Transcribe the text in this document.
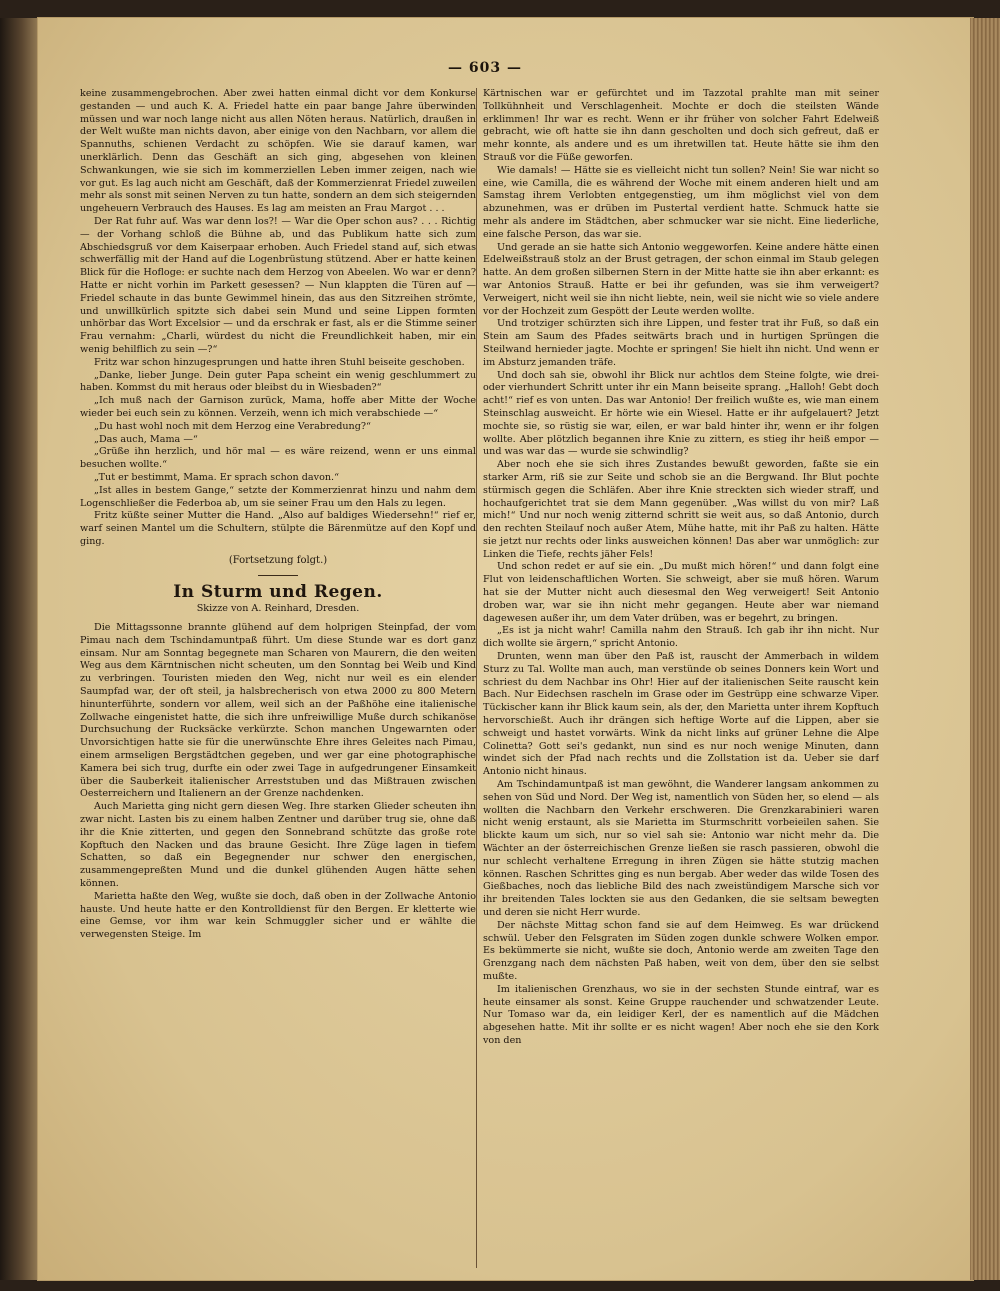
— 603 —

keine zusammengebrochen. Aber zwei hatten einmal dicht vor dem Konkurse gestanden — und auch K. A. Friedel hatte ein paar bange Jahre überwinden müssen und war noch lange nicht aus allen Nöten heraus. Natürlich, draußen in der Welt wußte man nichts davon, aber einige von den Nachbarn, vor allem die Spannuths, schienen Verdacht zu schöpfen. Wie sie darauf kamen, war unerklärlich. Denn das Geschäft an sich ging, abgesehen von kleinen Schwankungen, wie sie sich im kommerziellen Leben immer zeigen, nach wie vor gut. Es lag auch nicht am Geschäft, daß der Kommerzienrat Friedel zuweilen mehr als sonst mit seinen Nerven zu tun hatte, sondern an dem sich steigernden ungeheuern Verbrauch des Hauses. Es lag am meisten an Frau Margot . . .

Der Rat fuhr auf. Was war denn los?! — War die Oper schon aus? . . . Richtig — der Vorhang schloß die Bühne ab, und das Publikum hatte sich zum Abschiedsgruß vor dem Kaiserpaar erhoben. Auch Friedel stand auf, sich etwas schwerfällig mit der Hand auf die Logenbrüstung stützend. Aber er hatte keinen Blick für die Hofloge: er suchte nach dem Herzog von Abeelen. Wo war er denn? Hatte er nicht vorhin im Parkett gesessen? — Nun klappten die Türen auf — Friedel schaute in das bunte Gewimmel hinein, das aus den Sitzreihen strömte, und unwillkürlich spitzte sich dabei sein Mund und seine Lippen formten unhörbar das Wort Excelsior — und da erschrak er fast, als er die Stimme seiner Frau vernahm: „Charli, würdest du nicht die Freundlichkeit haben, mir ein wenig behilflich zu sein —?“

Fritz war schon hinzugesprungen und hatte ihren Stuhl beiseite geschoben.

„Danke, lieber Junge. Dein guter Papa scheint ein wenig geschlummert zu haben. Kommst du mit heraus oder bleibst du in Wiesbaden?“

„Ich muß nach der Garnison zurück, Mama, hoffe aber Mitte der Woche wieder bei euch sein zu können. Verzeih, wenn ich mich verabschiede —“

„Du hast wohl noch mit dem Herzog eine Verabredung?“

„Das auch, Mama —“

„Grüße ihn herzlich, und hör mal — es wäre reizend, wenn er uns einmal besuchen wollte.“

„Tut er bestimmt, Mama. Er sprach schon davon.“

„Ist alles in bestem Gange,“ setzte der Kommerzienrat hinzu und nahm dem Logenschließer die Federboa ab, um sie seiner Frau um den Hals zu legen.

Fritz küßte seiner Mutter die Hand. „Also auf baldiges Wiedersehn!“ rief er, warf seinen Mantel um die Schultern, stülpte die Bärenmütze auf den Kopf und ging.

(Fortsetzung folgt.)
In Sturm und Regen.
Skizze von A. Reinhard, Dresden.

Die Mittagssonne brannte glühend auf dem holprigen Steinpfad, der vom Pimau nach dem Tschindamuntpaß führt. Um diese Stunde war es dort ganz einsam. Nur am Sonntag begegnete man Scharen von Maurern, die den weiten Weg aus dem Kärntnischen nicht scheuten, um den Sonntag bei Weib und Kind zu verbringen. Touristen mieden den Weg, nicht nur weil es ein elender Saumpfad war, der oft steil, ja halsbrecherisch von etwa 2000 zu 800 Metern hinunterführte, sondern vor allem, weil sich an der Paßhöhe eine italienische Zollwache eingenistet hatte, die sich ihre unfreiwillige Muße durch schikanöse Durchsuchung der Rucksäcke verkürzte. Schon manchen Ungewarnten oder Unvorsichtigen hatte sie für die unerwünschte Ehre ihres Geleites nach Pimau, einem armseligen Bergstädtchen gegeben, und wer gar eine photographische Kamera bei sich trug, durfte ein oder zwei Tage in aufgedrungener Einsamkeit über die Sauberkeit italienischer Arreststuben und das Mißtrauen zwischen Oesterreichern und Italienern an der Grenze nachdenken.

Auch Marietta ging nicht gern diesen Weg. Ihre starken Glieder scheuten ihn zwar nicht. Lasten bis zu einem halben Zentner und darüber trug sie, ohne daß ihr die Knie zitterten, und gegen den Sonnebrand schützte das große rote Kopftuch den Nacken und das braune Gesicht. Ihre Züge lagen in tiefem Schatten, so daß ein Begegnender nur schwer den energischen, zusammengepreßten Mund und die dunkel glühenden Augen hätte sehen können.

Marietta haßte den Weg, wußte sie doch, daß oben in der Zollwache Antonio hauste. Und heute hatte er den Kontrolldienst für den Bergen. Er kletterte wie eine Gemse, vor ihm war kein Schmuggler sicher und er wählte die verwegensten Steige. Im

Kärtnischen war er gefürchtet und im Tazzotal prahlte man mit seiner Tollkühnheit und Verschlagenheit. Mochte er doch die steilsten Wände erklimmen! Ihr war es recht. Wenn er ihr früher von solcher Fahrt Edelweiß gebracht, wie oft hatte sie ihn dann gescholten und doch sich gefreut, daß er mehr konnte, als andere und es um ihretwillen tat. Heute hätte sie ihm den Strauß vor die Füße geworfen.

Wie damals! — Hätte sie es vielleicht nicht tun sollen? Nein! Sie war nicht so eine, wie Camilla, die es während der Woche mit einem anderen hielt und am Samstag ihrem Verlobten entgegenstieg, um ihm möglichst viel von dem abzunehmen, was er drüben im Pustertal verdient hatte. Schmuck hatte sie mehr als andere im Städtchen, aber schmucker war sie nicht. Eine liederliche, eine falsche Person, das war sie.

Und gerade an sie hatte sich Antonio weggeworfen. Keine andere hätte einen Edelweißstrauß stolz an der Brust getragen, der schon einmal im Staub gelegen hatte. An dem großen silbernen Stern in der Mitte hatte sie ihn aber erkannt: es war Antonios Strauß. Hatte er bei ihr gefunden, was sie ihm verweigert? Verweigert, nicht weil sie ihn nicht liebte, nein, weil sie nicht wie so viele andere vor der Hochzeit zum Gespött der Leute werden wollte.

Und trotziger schürzten sich ihre Lippen, und fester trat ihr Fuß, so daß ein Stein am Saum des Pfades seitwärts brach und in hurtigen Sprüngen die Steilwand hernieder jagte. Mochte er springen! Sie hielt ihn nicht. Und wenn er im Absturz jemanden träfe.

Und doch sah sie, obwohl ihr Blick nur achtlos dem Steine folgte, wie drei- oder vierhundert Schritt unter ihr ein Mann beiseite sprang. „Halloh! Gebt doch acht!“ rief es von unten. Das war Antonio! Der freilich wußte es, wie man einem Steinschlag ausweicht. Er hörte wie ein Wiesel. Hatte er ihr aufgelauert? Jetzt mochte sie, so rüstig sie war, eilen, er war bald hinter ihr, wenn er ihr folgen wollte. Aber plötzlich begannen ihre Knie zu zittern, es stieg ihr heiß empor — und was war das — wurde sie schwindlig?

Aber noch ehe sie sich ihres Zustandes bewußt geworden, faßte sie ein starker Arm, riß sie zur Seite und schob sie an die Bergwand. Ihr Blut pochte stürmisch gegen die Schläfen. Aber ihre Knie streckten sich wieder straff, und hochaufgerichtet trat sie dem Mann gegenüber. „Was willst du von mir? Laß mich!“ Und nur noch wenig zitternd schritt sie weit aus, so daß Antonio, durch den rechten Steilauf noch außer Atem, Mühe hatte, mit ihr Paß zu halten. Hätte sie jetzt nur rechts oder links ausweichen können! Das aber war unmöglich: zur Linken die Tiefe, rechts jäher Fels!

Und schon redet er auf sie ein. „Du mußt mich hören!“ und dann folgt eine Flut von leidenschaftlichen Worten. Sie schweigt, aber sie muß hören. Warum hat sie der Mutter nicht auch diesesmal den Weg verweigert! Seit Antonio droben war, war sie ihn nicht mehr gegangen. Heute aber war niemand dagewesen außer ihr, um dem Vater drüben, was er begehrt, zu bringen.

„Es ist ja nicht wahr! Camilla nahm den Strauß. Ich gab ihr ihn nicht. Nur dich wollte sie ärgern,“ spricht Antonio.

Drunten, wenn man über den Paß ist, rauscht der Ammerbach in wildem Sturz zu Tal. Wollte man auch, man verstünde ob seines Donners kein Wort und schriest du dem Nachbar ins Ohr! Hier auf der italienischen Seite rauscht kein Bach. Nur Eidechsen rascheln im Grase oder im Gestrüpp eine schwarze Viper. Tückischer kann ihr Blick kaum sein, als der, den Marietta unter ihrem Kopftuch hervorschießt. Auch ihr drängen sich heftige Worte auf die Lippen, aber sie schweigt und hastet vorwärts. Wink da nicht links auf grüner Lehne die Alpe Colinetta? Gott sei's gedankt, nun sind es nur noch wenige Minuten, dann windet sich der Pfad nach rechts und die Zollstation ist da. Ueber sie darf Antonio nicht hinaus.

Am Tschindamuntpaß ist man gewöhnt, die Wanderer langsam ankommen zu sehen von Süd und Nord. Der Weg ist, namentlich von Süden her, so elend — als wollten die Nachbarn den Verkehr erschweren. Die Grenzkarabinieri waren nicht wenig erstaunt, als sie Marietta im Sturmschritt vorbeieilen sahen. Sie blickte kaum um sich, nur so viel sah sie: Antonio war nicht mehr da. Die Wächter an der österreichischen Grenze ließen sie rasch passieren, obwohl die nur schlecht verhaltene Erregung in ihren Zügen sie hätte stutzig machen können. Raschen Schrittes ging es nun bergab. Aber weder das wilde Tosen des Gießbaches, noch das liebliche Bild des nach zweistündigem Marsche sich vor ihr breitenden Tales lockten sie aus den Gedanken, die sie seltsam bewegten und deren sie nicht Herr wurde.

Der nächste Mittag schon fand sie auf dem Heimweg. Es war drückend schwül. Ueber den Felsgraten im Süden zogen dunkle schwere Wolken empor. Es bekümmerte sie nicht, wußte sie doch, Antonio werde am zweiten Tage den Grenzgang nach dem nächsten Paß haben, weit von dem, über den sie selbst mußte.

Im italienischen Grenzhaus, wo sie in der sechsten Stunde eintraf, war es heute einsamer als sonst. Keine Gruppe rauchender und schwatzender Leute. Nur Tomaso war da, ein leidiger Kerl, der es namentlich auf die Mädchen abgesehen hatte. Mit ihr sollte er es nicht wagen! Aber noch ehe sie den Kork von den
